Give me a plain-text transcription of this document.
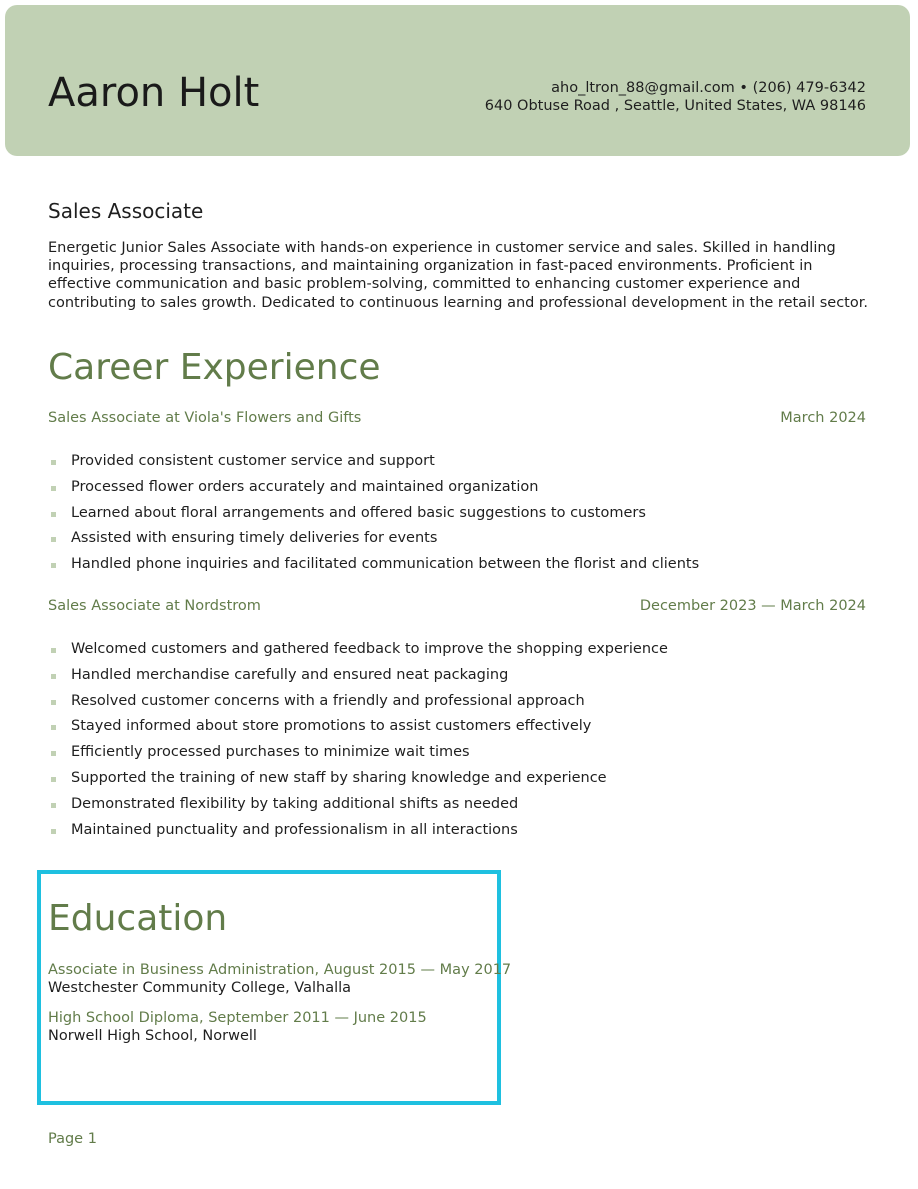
Aaron Holt	aho_ltron_88@gmail.com • (206) 479-6342
640 Obtuse Road , Seattle, United States, WA 98146
Sales Associate
Energetic Junior Sales Associate with hands-on experience in customer service and sales. Skilled in handling inquiries, processing transactions, and maintaining organization in fast-paced environments. Proficient in effective communication and basic problem-solving, committed to enhancing customer experience and contributing to sales growth. Dedicated to continuous learning and professional development in the retail sector.
Career Experience
Sales Associate at Viola's Flowers and Gifts	March 2024
Provided consistent customer service and support
Processed flower orders accurately and maintained organization
Learned about floral arrangements and offered basic suggestions to customers
Assisted with ensuring timely deliveries for events
Handled phone inquiries and facilitated communication between the florist and clients
Sales Associate at Nordstrom	December 2023 — March 2024
Welcomed customers and gathered feedback to improve the shopping experience
Handled merchandise carefully and ensured neat packaging
Resolved customer concerns with a friendly and professional approach
Stayed informed about store promotions to assist customers effectively
Efficiently processed purchases to minimize wait times
Supported the training of new staff by sharing knowledge and experience
Demonstrated flexibility by taking additional shifts as needed
Maintained punctuality and professionalism in all interactions
Education
Associate in Business Administration, August 2015 — May 2017
Westchester Community College, Valhalla
High School Diploma, September 2011 — June 2015
Norwell High School, Norwell
Page 1
